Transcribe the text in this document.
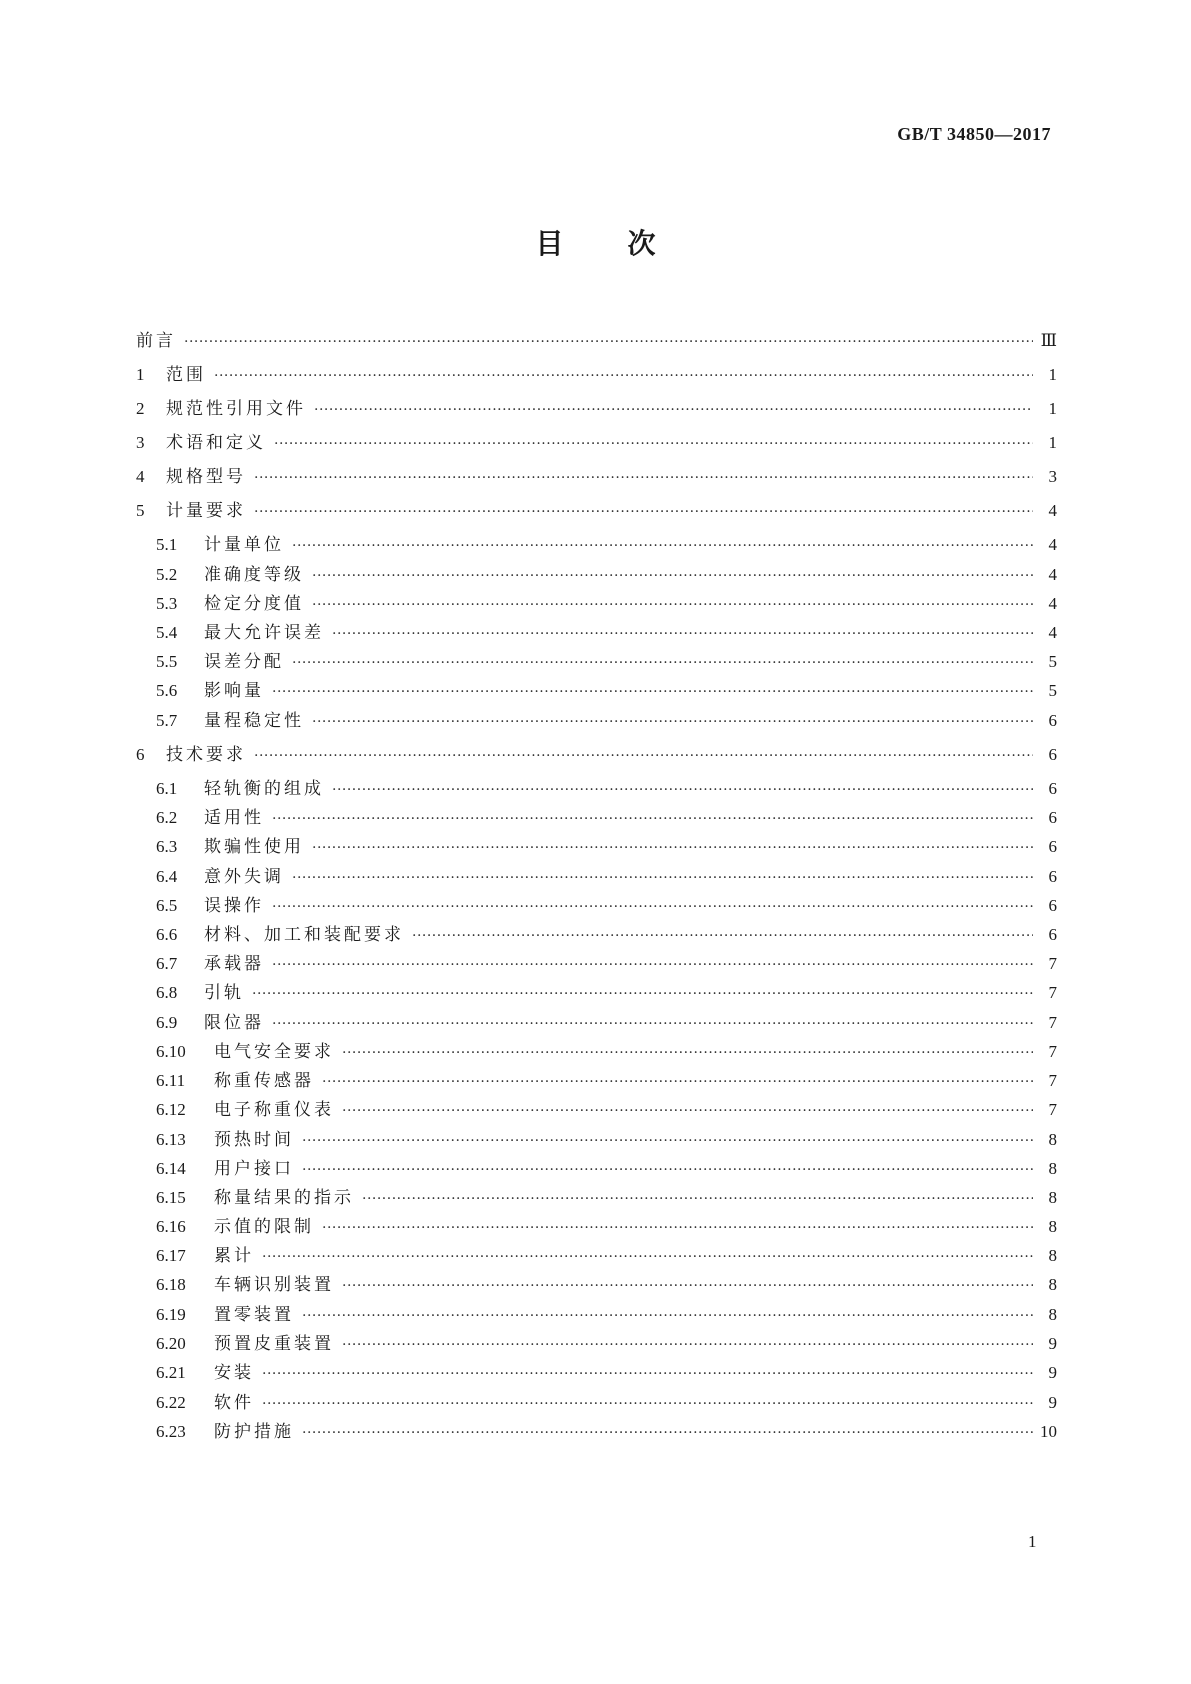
GB/T 34850—2017
目次
前言 ·····	Ⅲ
1	范围 ·····	1
2	规范性引用文件 ·····	1
3	术语和定义 ·····	1
4	规格型号 ·····	3
5	计量要求 ·····	4
5.1	计量单位 ·····	4
5.2	准确度等级 ·····	4
5.3	检定分度值 ·····	4
5.4	最大允许误差 ·····	4
5.5	误差分配 ·····	5
5.6	影响量 ·····	5
5.7	量程稳定性 ·····	6
6	技术要求 ·····	6
6.1	轻轨衡的组成 ·····	6
6.2	适用性 ·····	6
6.3	欺骗性使用 ·····	6
6.4	意外失调 ·····	6
6.5	误操作 ·····	6
6.6	材料、加工和装配要求 ·····	6
6.7	承载器 ·····	7
6.8	引轨 ·····	7
6.9	限位器 ·····	7
6.10	电气安全要求 ·····	7
6.11	称重传感器 ·····	7
6.12	电子称重仪表 ·····	7
6.13	预热时间 ·····	8
6.14	用户接口 ·····	8
6.15	称量结果的指示 ·····	8
6.16	示值的限制 ·····	8
6.17	累计 ·····	8
6.18	车辆识别装置 ·····	8
6.19	置零装置 ·····	8
6.20	预置皮重装置 ·····	9
6.21	安装 ·····	9
6.22	软件 ·····	9
6.23	防护措施 ·····	10
1
